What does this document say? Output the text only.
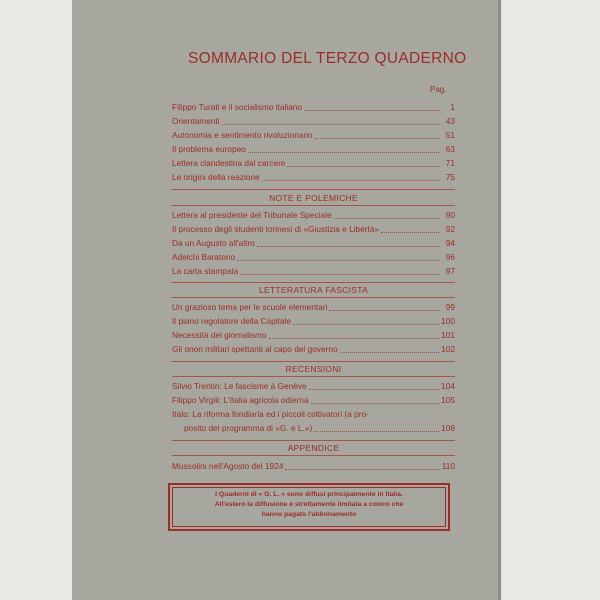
SOMMARIO DEL TERZO QUADERNO
Pag.
Filippo Turati e il socialismo italiano	1
Orientamenti	43
Autonomia e sentimento rivoluzionario	51
Il problema europeo	63
Lettera clandestina dal carcere	71
Le origini della reazione	75
NOTE E POLEMICHE
Lettera al presidente del Tribunale Speciale	90
Il processo degli studenti torinesi di «Giustizia e Libertà»	92
Da un Augusto all'altro	94
Adelchi Baratono	96
La carta stampata	97
LETTERATURA FASCISTA
Un grazioso tema per le scuole elementari	99
Il piano regolatore della Capitale	100
Necessità del giornalismo	101
Gli onori militari spettanti al capo del governo	102
RECENSIONI
Silvio Trentin: Le fascisme à Genève	104
Filippo Virgili: L'Italia agricola odierna	105
Italo: La riforma fondiaria ed i piccoli coltivatori (a pro-
posito del programma di «G. e L.»)	106
APPENDICE
Mussolini nell'Agosto del 1924	110

I Quaderni di « G. L. » sono diffusi principalmente in Italia.

All'estero la diffusione è strettamente limitata a coloro che

hanno pagato l'abbonamento
